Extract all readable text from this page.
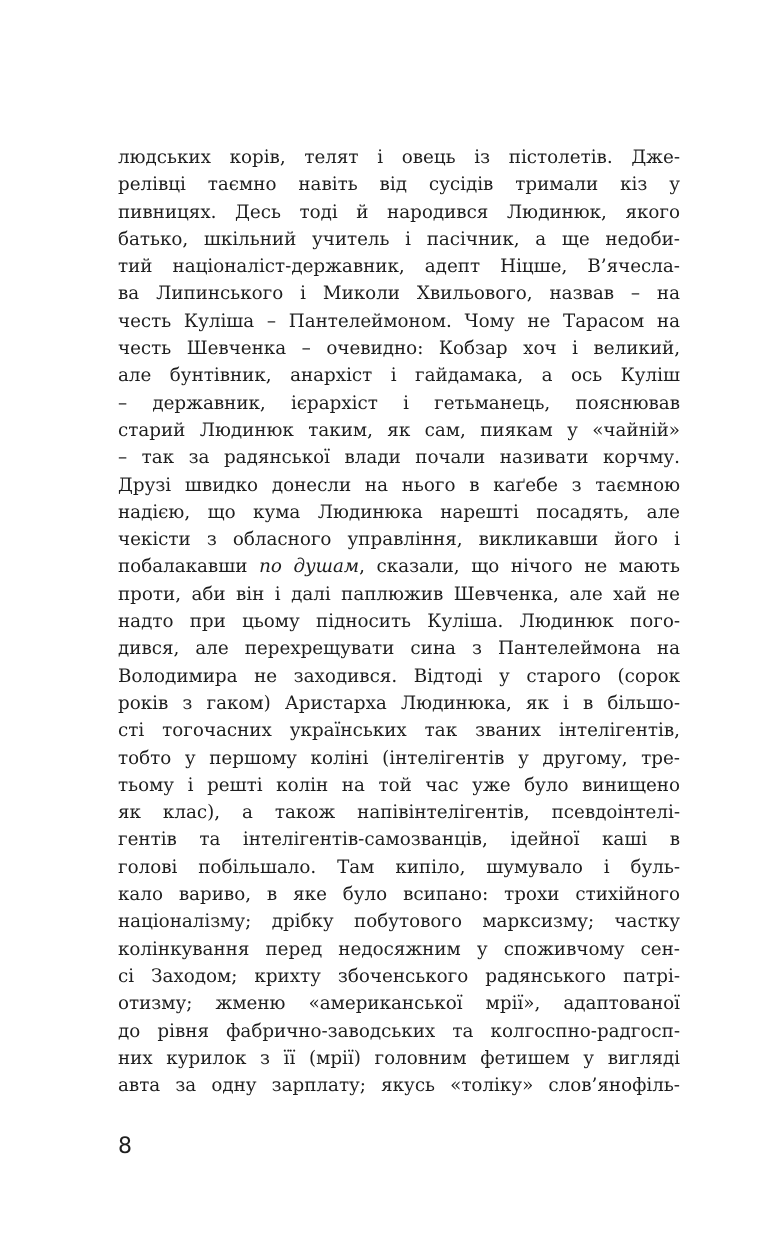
людських корів, телят і овець із пістолетів. Дже-
релівці таємно навіть від сусідів тримали кіз у
пивницях. Десь тоді й народився Людинюк, якого
батько, шкільний учитель і пасічник, а ще недоби-
тий націоналіст-державник, адепт Ніцше, В’ячесла-
ва Липинського і Миколи Хвильового, назвав – на
честь Куліша – Пантелеймоном. Чому не Тарасом на
честь Шевченка – очевидно: Кобзар хоч і великий,
але бунтівник, анархіст і гайдамака, а ось Куліш
– державник, ієрархіст і гетьманець, пояснював
старий Людинюк таким, як сам, пиякам у «чайній»
– так за радянської влади почали називати корчму.
Друзі швидко донесли на нього в каґебе з таємною
надією, що кума Людинюка нарешті посадять, але
чекісти з обласного управління, викликавши його і
побалакавши по душам, сказали, що нічого не мають
проти, аби він і далі паплюжив Шевченка, але хай не
надто при цьому підносить Куліша. Людинюк пого-
дився, але перехрещувати сина з Пантелеймона на
Володимира не заходився. Відтоді у старого (сорок
років з гаком) Аристарха Людинюка, як і в більшо-
сті тогочасних українських так званих інтелігентів,
тобто у першому коліні (інтелігентів у другому, тре-
тьому і решті колін на той час уже було винищено
як клас), а також напівінтелігентів, псевдоінтелі-
гентів та інтелігентів-самозванців, ідейної каші в
голові побільшало. Там кипіло, шумувало і буль-
кало вариво, в яке було всипано: трохи стихійного
націоналізму; дрібку побутового марксизму; частку
колінкування перед недосяжним у споживчому сен-
сі Заходом; крихту збоченського радянського патрі-
отизму; жменю «американської мрії», адаптованої
до рівня фабрично-заводських та колгоспно-радгосп-
них курилок з її (мрії) головним фетишем у вигляді
авта за одну зарплату; якусь «толіку» слов’янофіль-
8
